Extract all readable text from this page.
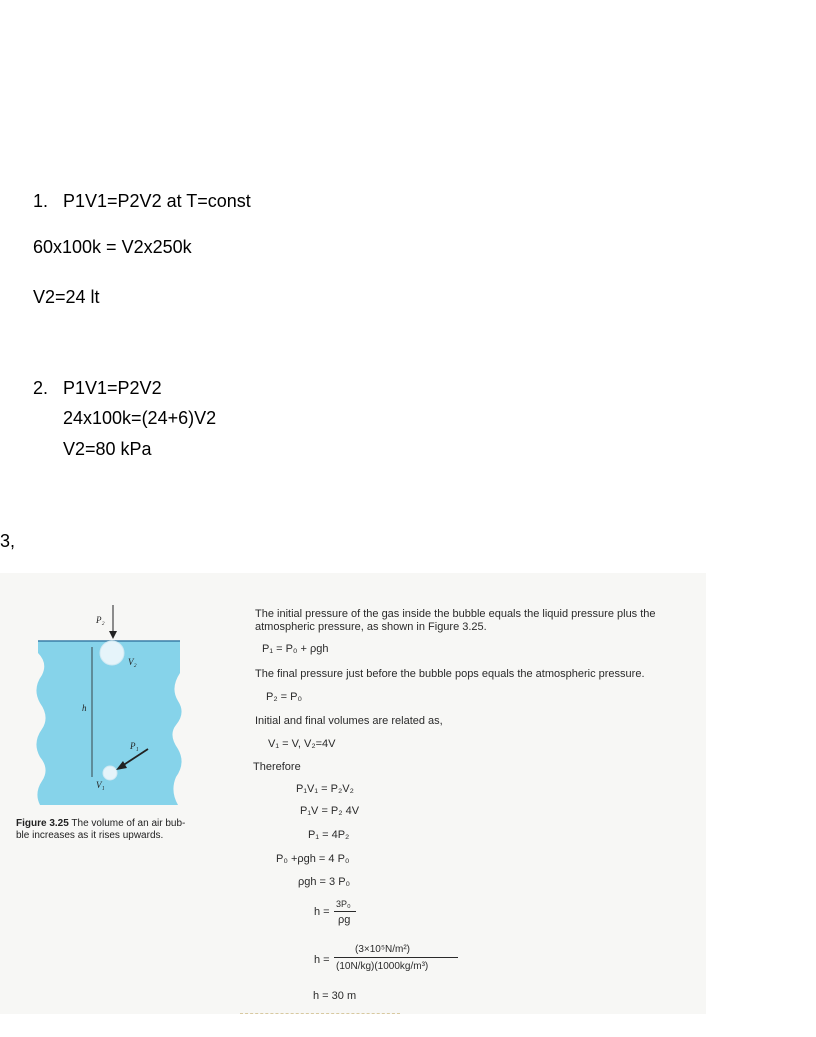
1. P1V1=P2V2 at T=const
60x100k = V2x250k
V2=24 lt
2. P1V1=P2V2
24x100k=(24+6)V2
V2=80 kPa
3,
P₂
V₂
h
P₁
V₁
Figure 3.25 The volume of an air bub-
ble increases as it rises upwards.
The initial pressure of the gas inside the bubble equals the liquid pressure plus the
atmospheric pressure, as shown in Figure 3.25.
P₁ = P₀ + ρgh
The final pressure just before the bubble pops equals the atmospheric pressure.
P₂ = P₀
Initial and final volumes are related as,
V₁ = V, V₂=4V
Therefore
P₁V₁ = P₂V₂
P₁V = P₂ 4V
P₁ = 4P₂
P₀ +ρgh = 4 P₀
ρgh = 3 P₀
h =
3P₀
ρg
h =
(3×10⁵N/m²)
(10N/kg)(1000kg/m³)
h = 30 m
